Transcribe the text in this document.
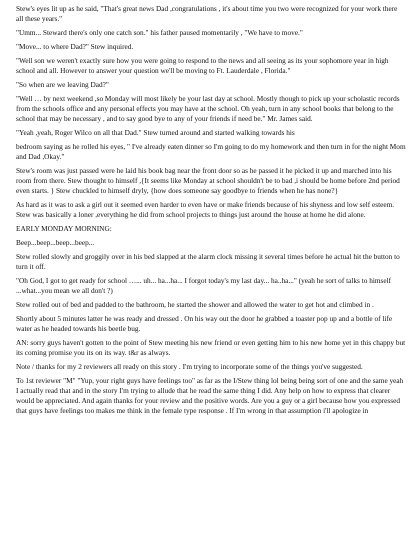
Stew's eyes lit up as he said, "That's great news Dad ,congratulations , it's about time you two were recognized for your work there all these years."

"Umm... Steward there's only one catch son." his father paused momentarily , "We have to move."

"Move... to where Dad?" Stew inquired.

"Well son we weren't exactly sure how you were going to respond to the news and all seeing as its your sophomore year in high school and all. However to answer your question we'll be moving to Ft. Lauderdale , Florida."

"So when are we leaving Dad?"

"Well … by next weekend ,so Monday will most likely be your last day at school. Mostly though to pick up your scholastic records from the schools office and any personal effects you may have at the school. Oh yeah, turn in any school books that belong to the school that may be necessary , and to say good bye to any of your friends if need be." Mr. James said.

"Yeah ,yeah, Roger Wilco on all that Dad." Stew turned around and started walking towards his

bedroom saying as he rolled his eyes, " I've already eaten dinner so I'm going to do my homework and then turn in for the night Mom and Dad ,Okay."

Stew's room was just passed were he laid his book bag near the front door so as he passed it he picked it up and marched into his room from there. Stew thought to himself ,{It seems like Monday at school shouldn't be to bad ,i should be home before 2nd period even starts. } Stew chuckled to himself dryly, {how does someone say goodbye to friends when he has none?}

As hard as it was to ask a girl out it seemed even harder to even have or make friends because of his shyness and low self esteem. Stew was basically a loner ,everything he did from school projects to things just around the house at home he did alone.

EARLY MONDAY MORNING:

Beep...beep...beep...beep...

Stew rolled slowly and groggily over in his bed slapped at the alarm clock missing it several times before he actual hit the button to turn it off.

"Oh God, I got to get ready for school …... uh... ha...ha... I forgot today's my last day... ha..ha..." (yeah he sort of talks to himself ...what...you mean we all don't ?)

Stew rolled out of bed and padded to the bathroom, he started the shower and allowed the water to get hot and climbed in .

Shortly about 5 minutes latter he was ready and dressed . On his way out the door he grabbed a toaster pop up and a bottle of life water as he headed towards his beetle bug.

AN: sorry guys haven't gotten to the point of Stew meeting his new friend or even getting him to his new home yet in this chappy but its coming promise you its on its way. t&r as always.

Note / thanks for my 2 reviewers all ready on this story . I'm trying to incorporate some of the things you've suggested.

To 1st reviewer "M" "Yup, your right guys have feelings too" as far as the I/Stew thing lol being being sort of one and the same yeah I actually read that and in the story I'm trying to allude that he read the same thing I did. Any help on how to express that clearer would be appreciated. And again thanks for your review and the positive words. Are you a guy or a girl because how you expressed that guys have feelings too makes me think in the female type response . If I'm wrong in that assumption i'll apologize in
